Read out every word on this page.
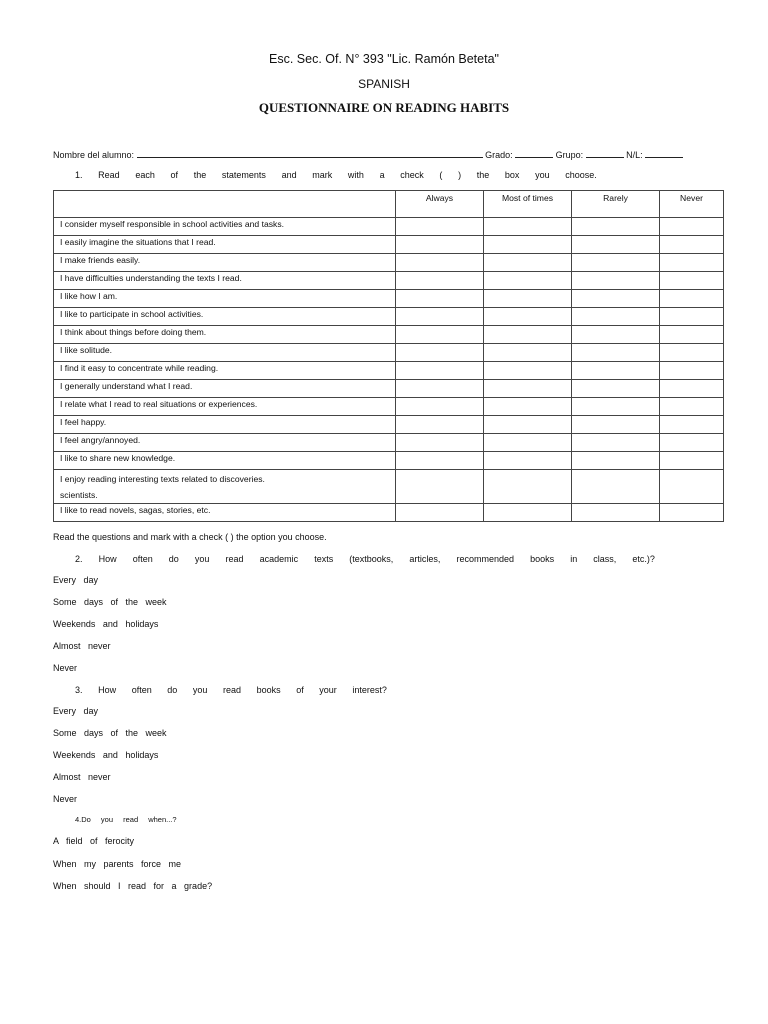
Esc. Sec. Of. N° 393 "Lic. Ramón Beteta"
SPANISH
QUESTIONNAIRE ON READING HABITS
Nombre del alumno:	Grado:	Grupo:	N/L:
1. Read each of the statements and mark with a check ( ) the box you choose.
	Always	Most of times	Rarely	Never
I consider myself responsible in school activities and tasks.				
I easily imagine the situations that I read.				
I make friends easily.				
I have difficulties understanding the texts I read.				
I like how I am.				
I like to participate in school activities.				
I think about things before doing them.				
I like solitude.				
I find it easy to concentrate while reading.				
I generally understand what I read.				
I relate what I read to real situations or experiences.				
I feel happy.				
I feel angry/annoyed.				
I like to share new knowledge.				

I enjoy reading interesting texts related to discoveries.
scientists.				

I like to read novels, sagas, stories, etc.				
Read the questions and mark with a check ( ) the option you choose.
2. How often do you read academic texts (textbooks, articles, recommended books in class, etc.)?
Every day
Some days of the week
Weekends and holidays
Almost never
Never
3. How often do you read books of your interest?
Every day
Some days of the week
Weekends and holidays
Almost never
Never
4.Do you read when...?
A field of ferocity
When my parents force me
When should I read for a grade?
